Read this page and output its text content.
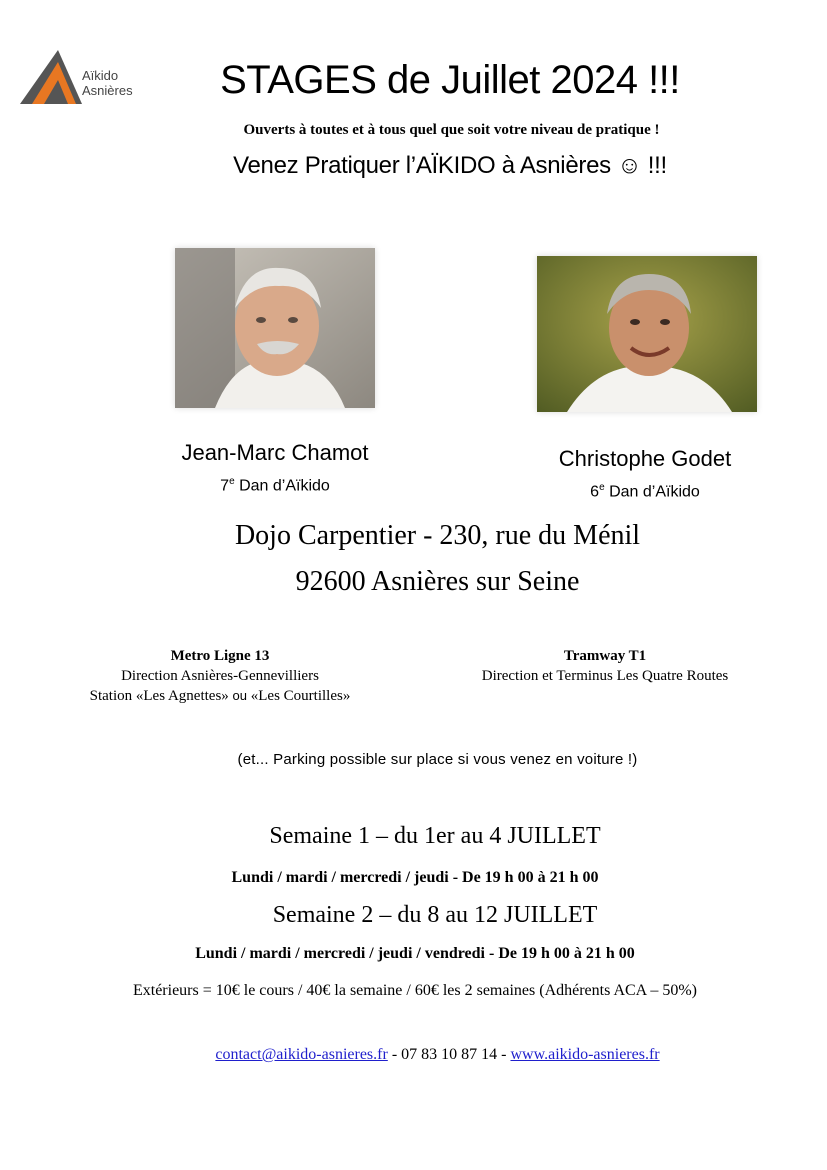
Aïkido
Asnières	STAGES de Juillet 2024 !!!
Ouverts à toutes et à tous quel que soit votre niveau de pratique !
Venez Pratiquer l’AÏKIDO à Asnières ☺ !!!
Jean-Marc Chamot
7e Dan d’Aïkido
Christophe Godet
6e Dan d’Aïkido
Dojo Carpentier - 230, rue du Ménil
92600 Asnières sur Seine
Metro Ligne 13
Direction Asnières-Gennevilliers
Station «Les Agnettes» ou «Les Courtilles»
Tramway T1
Direction et Terminus Les Quatre Routes
(et... Parking possible sur place si vous venez en voiture !)
Semaine 1 – du 1er au 4 JUILLET
Lundi / mardi / mercredi / jeudi - De 19 h 00 à 21 h 00
Semaine 2 – du 8 au 12 JUILLET
Lundi / mardi / mercredi / jeudi / vendredi - De 19 h 00 à 21 h 00
Extérieurs = 10€ le cours / 40€ la semaine / 60€ les 2 semaines (Adhérents ACA – 50%)
contact@aikido-asnieres.fr - 07 83 10 87 14 - www.aikido-asnieres.fr
